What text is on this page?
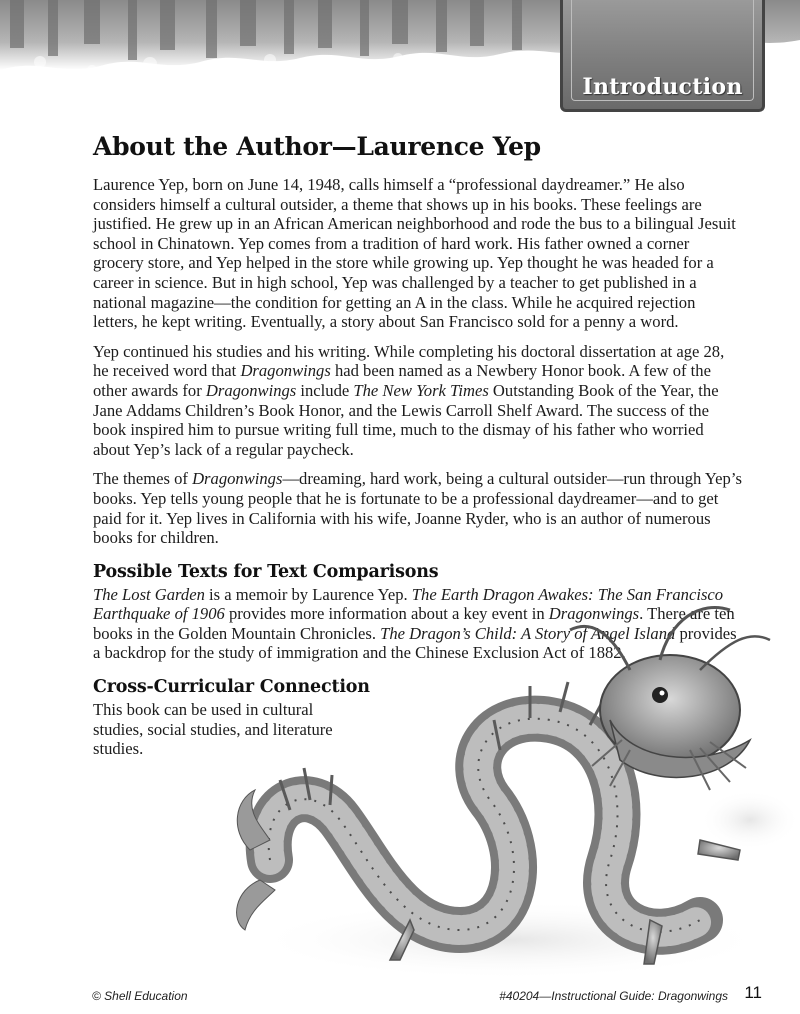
Introduction
About the Author—Laurence Yep

Laurence Yep, born on June 14, 1948, calls himself a “professional daydreamer.” He also considers himself a cultural outsider, a theme that shows up in his books. These feelings are justified. He grew up in an African American neighborhood and rode the bus to a bilingual Jesuit school in Chinatown. Yep comes from a tradition of hard work. His father owned a corner grocery store, and Yep helped in the store while growing up. Yep thought he was headed for a career in science. But in high school, Yep was challenged by a teacher to get published in a national magazine—the condition for getting an A in the class. While he acquired rejection letters, he kept writing. Eventually, a story about San Francisco sold for a penny a word.

Yep continued his studies and his writing. While completing his doctoral dissertation at age 28, he received word that Dragonwings had been named as a Newbery Honor book. A few of the other awards for Dragonwings include The New York Times Outstanding Book of the Year, the Jane Addams Children’s Book Honor, and the Lewis Carroll Shelf Award. The success of the book inspired him to pursue writing full time, much to the dismay of his father who worried about Yep’s lack of a regular paycheck.

The themes of Dragonwings—dreaming, hard work, being a cultural outsider—run through Yep’s books. Yep tells young people that he is fortunate to be a professional daydreamer—and to get paid for it. Yep lives in California with his wife, Joanne Ryder, who is an author of numerous books for children.

Possible Texts for Text Comparisons

The Lost Garden is a memoir by Laurence Yep. The Earth Dragon Awakes: The San Francisco Earthquake of 1906 provides more information about a key event in Dragonwings. There are ten books in the Golden Mountain Chronicles. The Dragon’s Child: A Story of Angel Island provides a backdrop for the study of immigration and the Chinese Exclusion Act of 1882.

Cross-Curricular Connection

This book can be used in cultural studies, social studies, and literature studies.

© Shell Education	#40204—Instructional Guide: Dragonwings 11
